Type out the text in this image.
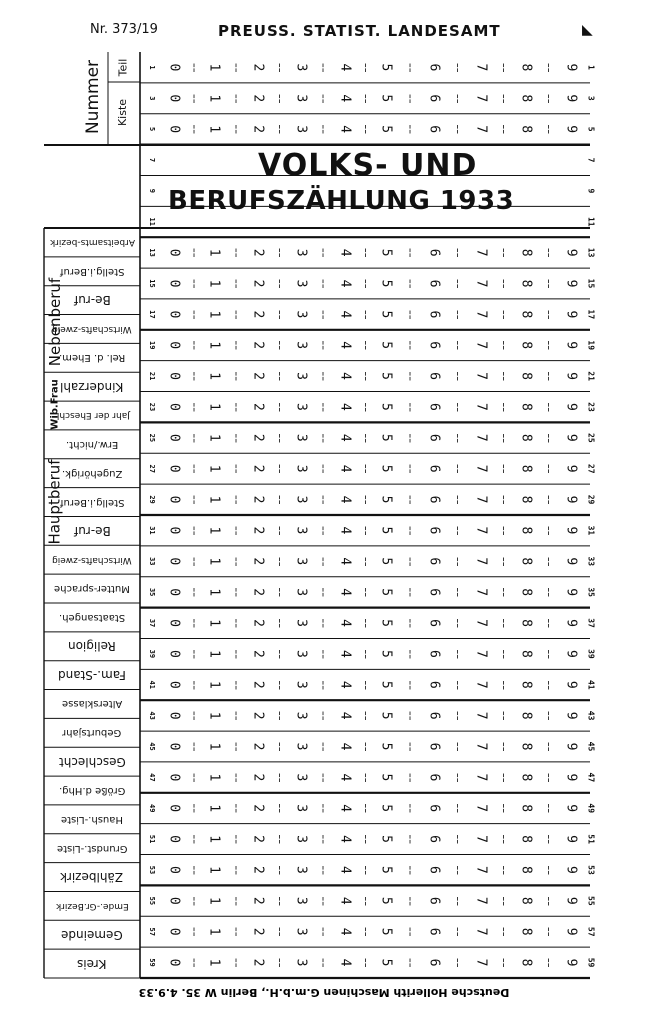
Nr. 373/19	PREUSS. STATIST. LANDESAMT	◣
VOLKS- UND
BERUFSZÄHLUNG 1933
Deutsche Hollerith Maschinen G.m.b.H., Berlin W 35. 4.9.33
Nummer Teil
Kiste
Nebenberuf
Wib.Frau
Hauptberuf
Arbeitsamts-bezirk
Stellg.i.Beruf
Be-ruf
Wirtschafts-zweig
Rel. d. Ehem.
Kinderzahl
Jahr der Eheschl.
Erw./nicht.
Zugehörigk.
Stellg.i.Beruf
Be-ruf
Wirtschafts-zweig
Mutter-sprache
Staatsangeh.
Religion
Fam.-Stand
Altersklasse
Geburtsjahr
Geschlecht
Größe d.Hhg.
Haush.-Liste
Grundst.-Liste
Zählbezirk
Emde.-Gr.Bezirk
Gemeinde
Kreis
1
1 0 ¦ 1 ¦ 2 ¦ 3 ¦ 4 ¦ 5 ¦ 6 ¦ 7 ¦ 8 ¦ 9
3
3 0 ¦ 1 ¦ 2 ¦ 3 ¦ 4 ¦ 5 ¦ 6 ¦ 7 ¦ 8 ¦ 9
5
5 0 ¦ 1 ¦ 2 ¦ 3 ¦ 4 ¦ 5 ¦ 6 ¦ 7 ¦ 8 ¦ 9
7
7
9
9
11
11
13
13 0 ¦ 1 ¦ 2 ¦ 3 ¦ 4 ¦ 5 ¦ 6 ¦ 7 ¦ 8 ¦ 9
15
15 0 ¦ 1 ¦ 2 ¦ 3 ¦ 4 ¦ 5 ¦ 6 ¦ 7 ¦ 8 ¦ 9
17
17 0 ¦ 1 ¦ 2 ¦ 3 ¦ 4 ¦ 5 ¦ 6 ¦ 7 ¦ 8 ¦ 9
19
19 0 ¦ 1 ¦ 2 ¦ 3 ¦ 4 ¦ 5 ¦ 6 ¦ 7 ¦ 8 ¦ 9
21
21 0 ¦ 1 ¦ 2 ¦ 3 ¦ 4 ¦ 5 ¦ 6 ¦ 7 ¦ 8 ¦ 9
23
23 0 ¦ 1 ¦ 2 ¦ 3 ¦ 4 ¦ 5 ¦ 6 ¦ 7 ¦ 8 ¦ 9
25
25 0 ¦ 1 ¦ 2 ¦ 3 ¦ 4 ¦ 5 ¦ 6 ¦ 7 ¦ 8 ¦ 9
27
27 0 ¦ 1 ¦ 2 ¦ 3 ¦ 4 ¦ 5 ¦ 6 ¦ 7 ¦ 8 ¦ 9
29
29 0 ¦ 1 ¦ 2 ¦ 3 ¦ 4 ¦ 5 ¦ 6 ¦ 7 ¦ 8 ¦ 9
31
31 0 ¦ 1 ¦ 2 ¦ 3 ¦ 4 ¦ 5 ¦ 6 ¦ 7 ¦ 8 ¦ 9
33
33 0 ¦ 1 ¦ 2 ¦ 3 ¦ 4 ¦ 5 ¦ 6 ¦ 7 ¦ 8 ¦ 9
35
35 0 ¦ 1 ¦ 2 ¦ 3 ¦ 4 ¦ 5 ¦ 6 ¦ 7 ¦ 8 ¦ 9
37
37 0 ¦ 1 ¦ 2 ¦ 3 ¦ 4 ¦ 5 ¦ 6 ¦ 7 ¦ 8 ¦ 9
39
39 0 ¦ 1 ¦ 2 ¦ 3 ¦ 4 ¦ 5 ¦ 6 ¦ 7 ¦ 8 ¦ 9
41
41 0 ¦ 1 ¦ 2 ¦ 3 ¦ 4 ¦ 5 ¦ 6 ¦ 7 ¦ 8 ¦ 9
43
43 0 ¦ 1 ¦ 2 ¦ 3 ¦ 4 ¦ 5 ¦ 6 ¦ 7 ¦ 8 ¦ 9
45
45 0 ¦ 1 ¦ 2 ¦ 3 ¦ 4 ¦ 5 ¦ 6 ¦ 7 ¦ 8 ¦ 9
47
47 0 ¦ 1 ¦ 2 ¦ 3 ¦ 4 ¦ 5 ¦ 6 ¦ 7 ¦ 8 ¦ 9
49
49 0 ¦ 1 ¦ 2 ¦ 3 ¦ 4 ¦ 5 ¦ 6 ¦ 7 ¦ 8 ¦ 9
51
51 0 ¦ 1 ¦ 2 ¦ 3 ¦ 4 ¦ 5 ¦ 6 ¦ 7 ¦ 8 ¦ 9
53
53 0 ¦ 1 ¦ 2 ¦ 3 ¦ 4 ¦ 5 ¦ 6 ¦ 7 ¦ 8 ¦ 9
55
55 0 ¦ 1 ¦ 2 ¦ 3 ¦ 4 ¦ 5 ¦ 6 ¦ 7 ¦ 8 ¦ 9
57
57 0 ¦ 1 ¦ 2 ¦ 3 ¦ 4 ¦ 5 ¦ 6 ¦ 7 ¦ 8 ¦ 9
59
59 0 ¦ 1 ¦ 2 ¦ 3 ¦ 4 ¦ 5 ¦ 6 ¦ 7 ¦ 8 ¦ 9
